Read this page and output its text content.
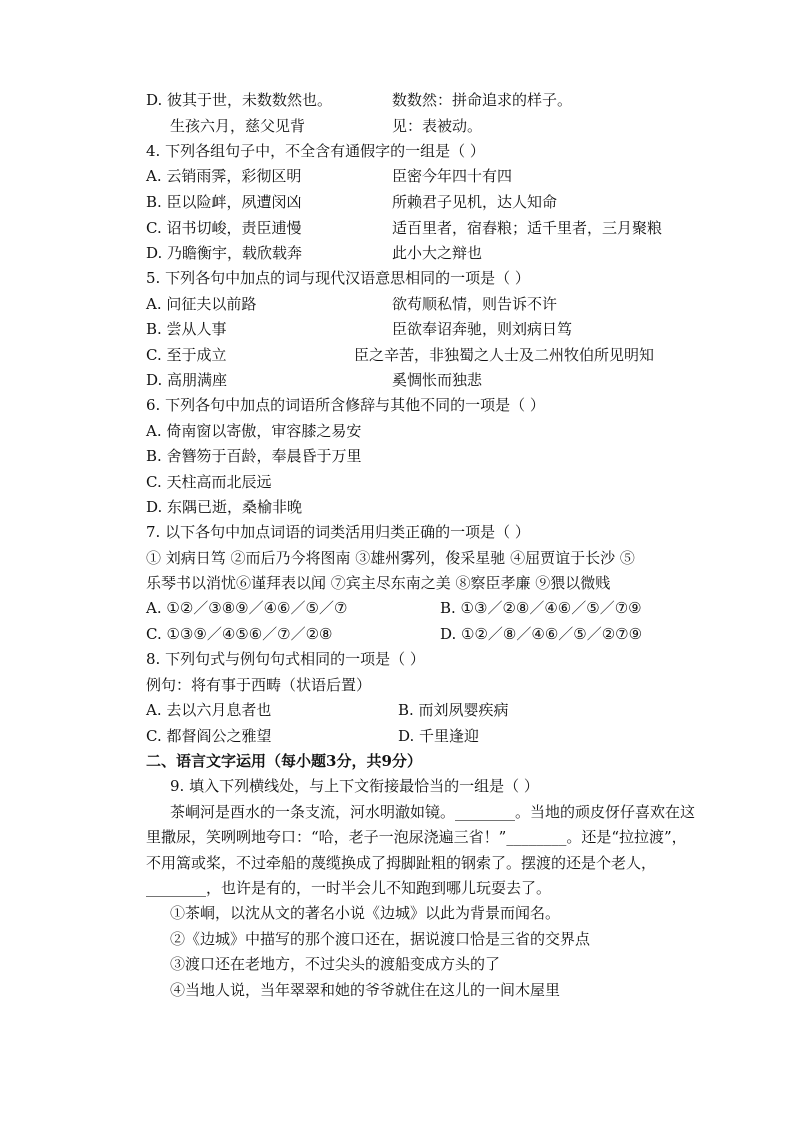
D. 彼其于世，未数数然也。	数数然：拼命追求的样子。
生孩六月，慈父见背	见：表被动。
4. 下列各组句子中，不全含有通假字的一组是（ ）
A. 云销雨霁，彩彻区明	臣密今年四十有四
B. 臣以险衅，夙遭闵凶	所赖君子见机，达人知命
C. 诏书切峻，责臣逋慢	适百里者，宿舂粮；适千里者，三月聚粮
D. 乃瞻衡宇，载欣载奔	此小大之辩也
5. 下列各句中加点的词与现代汉语意思相同的一项是（ ）
A. 问征夫以前路	欲苟顺私情，则告诉不许
B. 尝从人事	臣欲奉诏奔驰，则刘病日笃
C. 至于成立	臣之辛苦，非独蜀之人士及二州牧伯所见明知
D. 高朋满座	奚惆怅而独悲
6. 下列各句中加点的词语所含修辞与其他不同的一项是（ ）
A. 倚南窗以寄傲，审容膝之易安
B. 舍簪笏于百龄，奉晨昏于万里
C. 天柱高而北辰远
D. 东隅已逝，桑榆非晚
7. 以下各句中加点词语的词类活用归类正确的一项是（ ）
① 刘病日笃 ②而后乃今将图南 ③雄州雾列，俊采星驰 ④屈贾谊于长沙 ⑤
乐琴书以消忧⑥谨拜表以闻 ⑦宾主尽东南之美 ⑧察臣孝廉 ⑨猥以微贱
A. ①②／③⑧⑨／④⑥／⑤／⑦	B. ①③／②⑧／④⑥／⑤／⑦⑨
C. ①③⑨／④⑤⑥／⑦／②⑧	D. ①②／⑧／④⑥／⑤／②⑦⑨
8. 下列句式与例句句式相同的一项是（ ）
例句：将有事于西畴（状语后置）
A. 去以六月息者也	B. 而刘夙婴疾病
C. 都督阎公之雅望	D. 千里逢迎
二、语言文字运用（每小题3分，共9分）
9. 填入下列横线处，与上下文衔接最恰当的一组是（ ）
茶峒河是酉水的一条支流，河水明澈如镜。________。当地的顽皮伢仔喜欢在这
里撒尿，笑咧咧地夸口：“哈，老子一泡尿浇遍三省！”________。还是“拉拉渡”，
不用篙或桨，不过牵船的蔑缆换成了拇脚趾粗的钢索了。摆渡的还是个老人，
________，也许是有的，一时半会儿不知跑到哪儿玩耍去了。
①茶峒，以沈从文的著名小说《边城》以此为背景而闻名。
②《边城》中描写的那个渡口还在，据说渡口恰是三省的交界点
③渡口还在老地方，不过尖头的渡船变成方头的了
④当地人说，当年翠翠和她的爷爷就住在这儿的一间木屋里
